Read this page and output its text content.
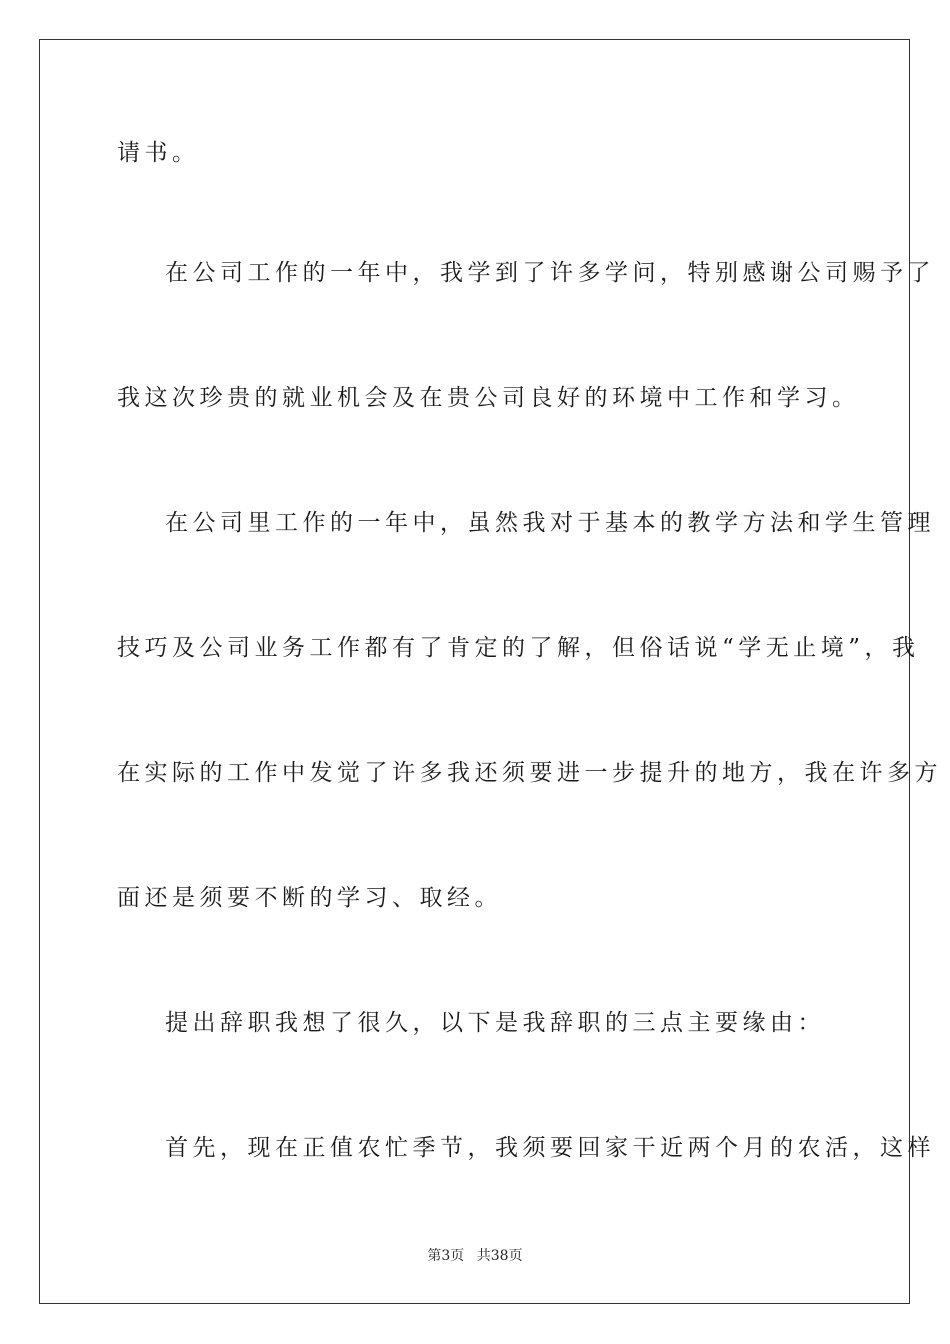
请书。
在公司工作的一年中，我学到了许多学问，特别感谢公司赐予了
我这次珍贵的就业机会及在贵公司良好的环境中工作和学习。
在公司里工作的一年中，虽然我对于基本的教学方法和学生管理
技巧及公司业务工作都有了肯定的了解，但俗话说“学无止境”，我
在实际的工作中发觉了许多我还须要进一步提升的地方，我在许多方
面还是须要不断的学习、取经。
提出辞职我想了很久，以下是我辞职的三点主要缘由：
首先，现在正值农忙季节，我须要回家干近两个月的农活，这样
第3页 共38页
